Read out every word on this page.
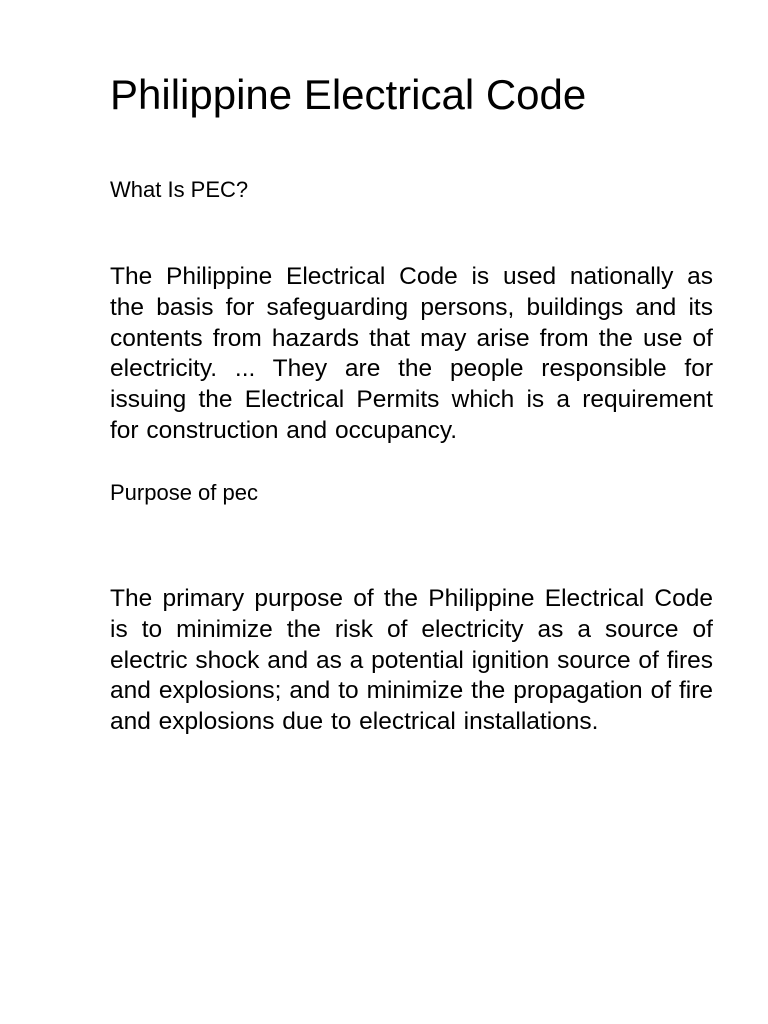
Philippine Electrical Code

What Is PEC?

The Philippine Electrical Code is used nationally as the basis for safeguarding persons, buildings and its contents from hazards that may arise from the use of electricity. ... They are the people responsible for issuing the Electrical Permits which is a requirement for construction and occupancy.

Purpose of pec

The primary purpose of the Philippine Electrical Code is to minimize the risk of electricity as a source of electric shock and as a potential ignition source of fires and explosions; and to minimize the propagation of fire and explosions due to electrical installations.
